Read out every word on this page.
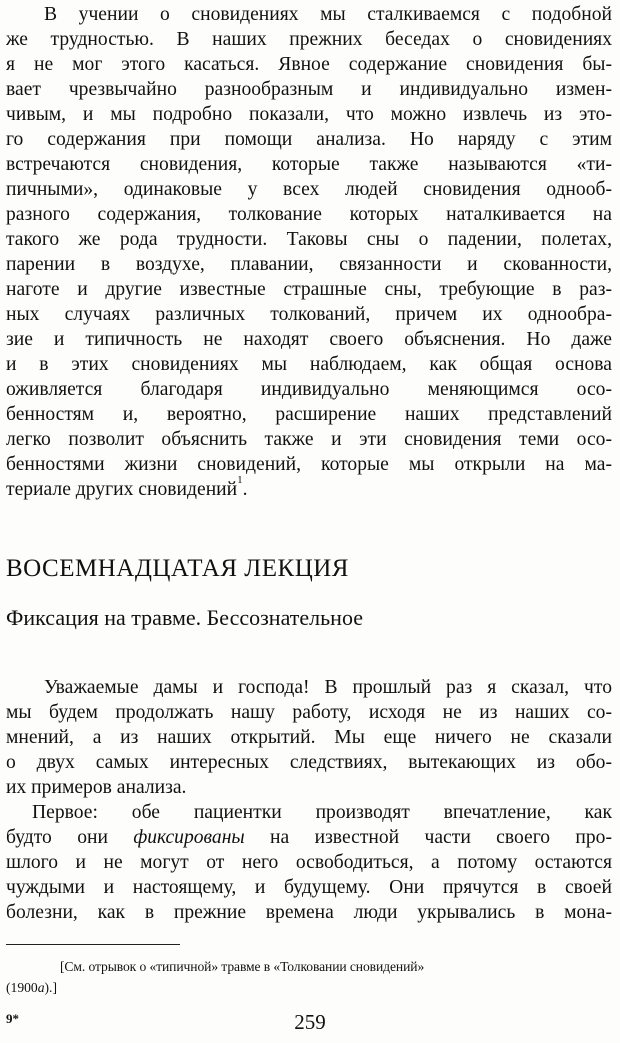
В учении о сновидениях мы сталкиваемся с подобной
же трудностью. В наших прежних беседах о сновидениях
я не мог этого касаться. Явное содержание сновидения бы-
вает чрезвычайно разнообразным и индивидуально измен-
чивым, и мы подробно показали, что можно извлечь из это-
го содержания при помощи анализа. Но наряду с этим
встречаются сновидения, которые также называются «ти-
пичными», одинаковые у всех людей сновидения однооб-
разного содержания, толкование которых наталкивается на
такого же рода трудности. Таковы сны о падении, полетах,
парении в воздухе, плавании, связанности и скованности,
наготе и другие известные страшные сны, требующие в раз-
ных случаях различных толкований, причем их однообра-
зие и типичность не находят своего объяснения. Но даже
и в этих сновидениях мы наблюдаем, как общая основа
оживляется благодаря индивидуально меняющимся осо-
бенностям и, вероятно, расширение наших представлений
легко позволит объяснить также и эти сновидения теми осо-
бенностями жизни сновидений, которые мы открыли на ма-
териале других сновидений$^1$.
ВОСЕМНАДЦАТАЯ ЛЕКЦИЯ
Фиксация на травме. Бессознательное
Уважаемые дамы и господа! В прошлый раз я сказал, что
мы будем продолжать нашу работу, исходя не из наших со-
мнений, а из наших открытий. Мы еще ничего не сказали
о двух самых интересных следствиях, вытекающих из обо-
их примеров анализа.
Первое: обе пациентки производят впечатление, как
будто они фиксированы на известной части своего про-
шлого и не могут от него освободиться, а потому остаются
чуждыми и настоящему, и будущему. Они прячутся в своей
болезни, как в прежние времена люди укрывались в мона-
[См. отрывок о «типичной» травме в «Толковании сновидений»
(1900а).]
9*	259
